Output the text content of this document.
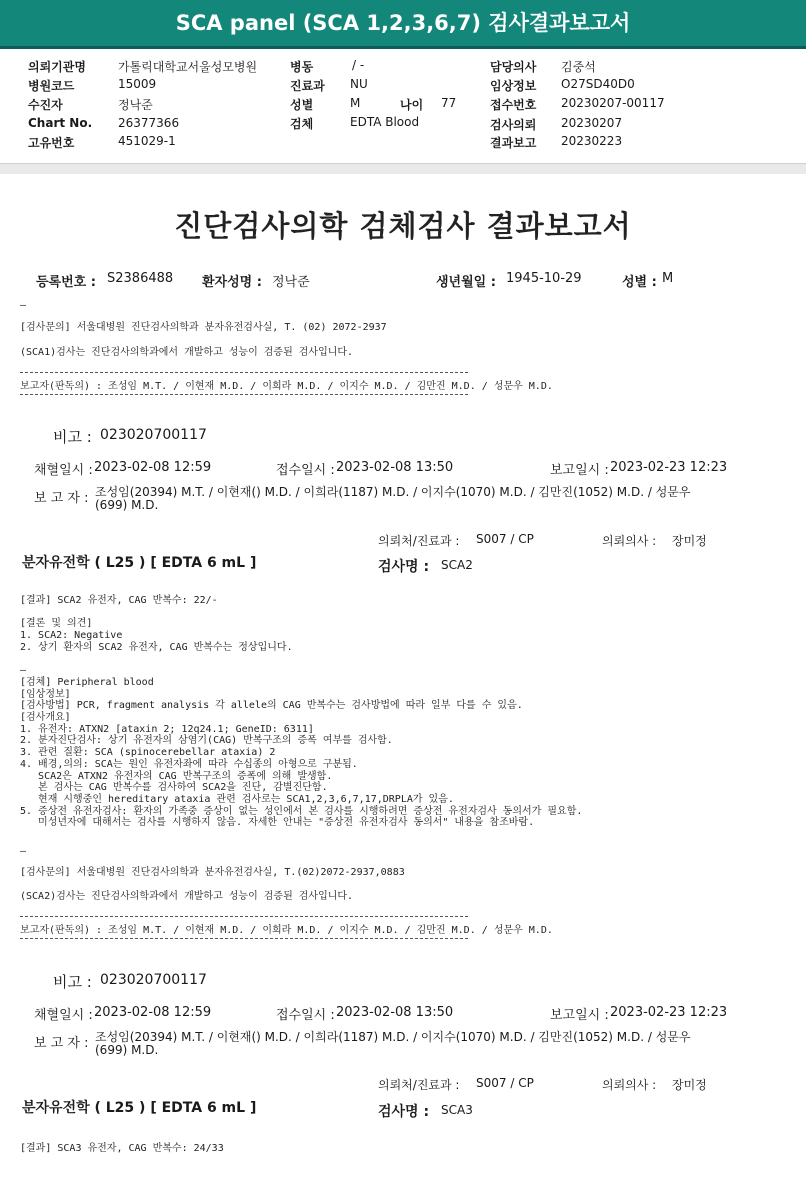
SCA panel (SCA 1,2,3,6,7) 검사결과보고서
의뢰기관명	가톨릭대학교서울성모병원
병원코드	15009
수진자	정낙준
Chart No. 26377366
고유번호	451029-1
병동	/ -
진료과 NU
성별	M	나이 77
검체	EDTA Blood
담당의사 김중석
임상정보 O27SD40D0
접수번호 20230207-00117
검사의뢰 20230207
결과보고 20230223
진단검사의학 검체검사 결과보고서
등록번호 : S2386488 환자성명 : 정낙준	생년월일 : 1945-10-29	성별 : M
—
[검사문의] 서울대병원 진단검사의학과 분자유전검사실, T. (02) 2072-2937
(SCA1)검사는 진단검사의학과에서 개발하고 성능이 검증된 검사입니다.
보고자(판독의) : 조성임 M.T. / 이현재 M.D. / 이희라 M.D. / 이지수 M.D. / 김만진 M.D. / 성문우 M.D.
비고 : 023020700117
채혈일시 : 2023-02-08 12:59	접수일시 : 2023-02-08 13:50	보고일시 : 2023-02-23 12:23
보 고 자 : 조성임(20394) M.T. / 이현재() M.D. / 이희라(1187) M.D. / 이지수(1070) M.D. / 김만진(1052) M.D. / 성문우
(699) M.D.
의뢰처/진료과 : S007 / CP	의뢰의사 : 장미정
분자유전학 ( L25 ) [ EDTA 6 mL ]	검사명 : SCA2
[결과] SCA2 유전자, CAG 반복수: 22/-

[결론 및 의견]
1. SCA2: Negative
2. 상기 환자의 SCA2 유전자, CAG 반복수는 정상입니다.

—
[검체] Peripheral blood
[임상정보]
[검사방법] PCR, fragment analysis 각 allele의 CAG 반복수는 검사방법에 따라 일부 다를 수 있음.
[검사개요]
1. 유전자: ATXN2 [ataxin 2; 12q24.1; GeneID: 6311]
2. 분자진단검사: 상기 유전자의 삼염기(CAG) 반복구조의 증폭 여부를 검사함.
3. 관련 질환: SCA (spinocerebellar ataxia) 2
4. 배경,의의: SCA는 원인 유전자좌에 따라 수십종의 아형으로 구분됨.
SCA2은 ATXN2 유전자의 CAG 반복구조의 증폭에 의해 발생함.
본 검사는 CAG 반복수를 검사하여 SCA2을 진단, 감별진단함.
현재 시행중인 hereditary ataxia 관련 검사로는 SCA1,2,3,6,7,17,DRPLA가 있음.
5. 증상전 유전자검사: 환자의 가족중 증상이 없는 성인에서 본 검사를 시행하려면 증상전 유전자검사 동의서가 필요함.
미성년자에 대해서는 검사를 시행하지 않음. 자세한 안내는 "증상전 유전자검사 동의서" 내용을 참조바람.
—
[검사문의] 서울대병원 진단검사의학과 분자유전검사실, T.(02)2072-2937,0883
(SCA2)검사는 진단검사의학과에서 개발하고 성능이 검증된 검사입니다.
보고자(판독의) : 조성임 M.T. / 이현재 M.D. / 이희라 M.D. / 이지수 M.D. / 김만진 M.D. / 성문우 M.D.
비고 : 023020700117
채혈일시 : 2023-02-08 12:59	접수일시 : 2023-02-08 13:50	보고일시 : 2023-02-23 12:23
보 고 자 : 조성임(20394) M.T. / 이현재() M.D. / 이희라(1187) M.D. / 이지수(1070) M.D. / 김만진(1052) M.D. / 성문우
(699) M.D.
의뢰처/진료과 : S007 / CP	의뢰의사 : 장미정
분자유전학 ( L25 ) [ EDTA 6 mL ]	검사명 : SCA3
[결과] SCA3 유전자, CAG 반복수: 24/33
